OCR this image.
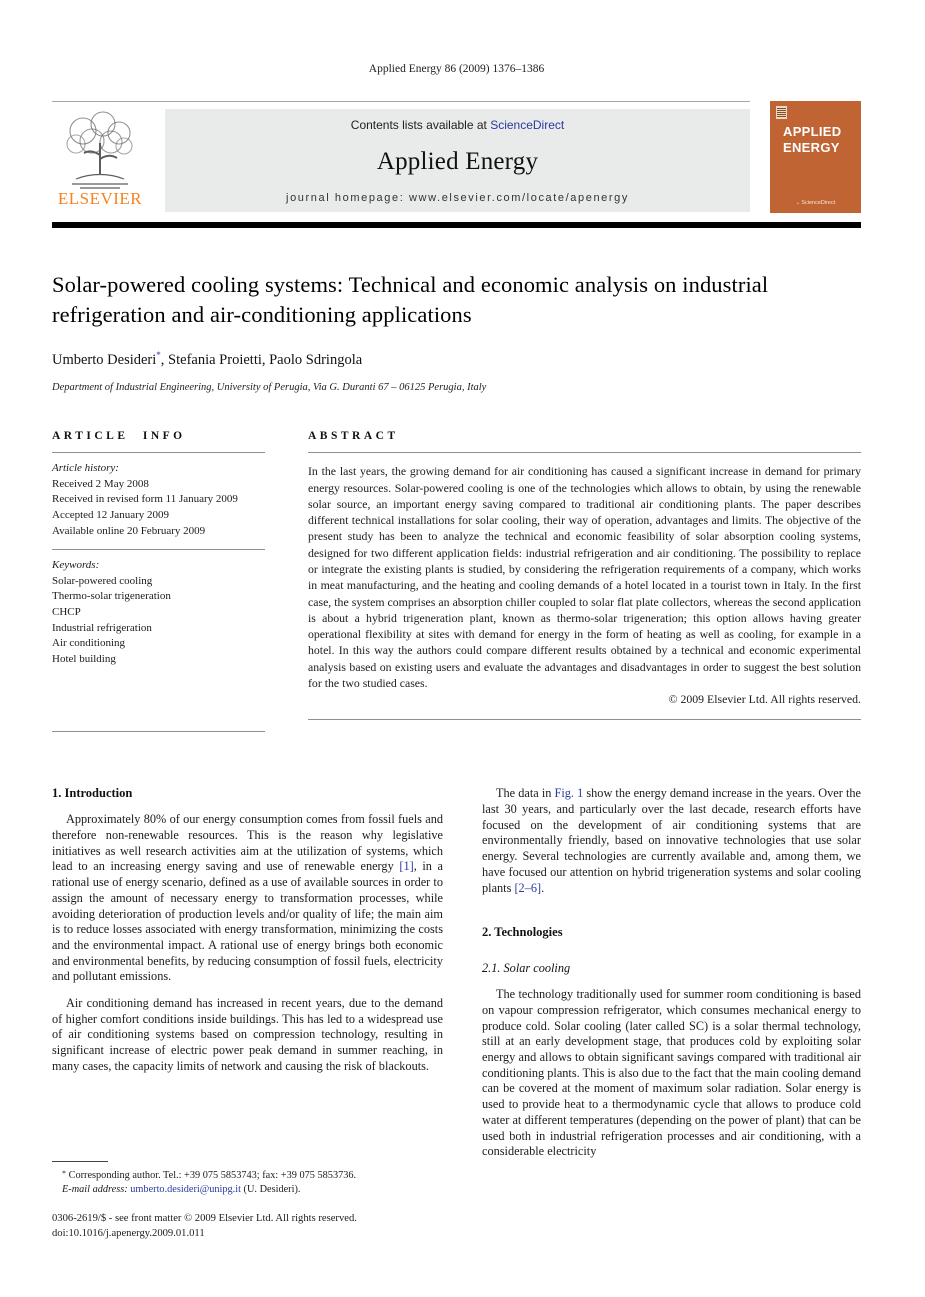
Applied Energy 86 (2009) 1376–1386
ELSEVIER
Contents lists available at ScienceDirect
Applied Energy
journal homepage: www.elsevier.com/locate/apenergy
APPLIED
ENERGY
⌄ ScienceDirect
Solar-powered cooling systems: Technical and economic analysis on industrial refrigeration and air-conditioning applications
Umberto Desideri*, Stefania Proietti, Paolo Sdringola
Department of Industrial Engineering, University of Perugia, Via G. Duranti 67 – 06125 Perugia, Italy
ARTICLE INFO
Article history:
Received 2 May 2008
Received in revised form 11 January 2009
Accepted 12 January 2009
Available online 20 February 2009
Keywords:
Solar-powered cooling
Thermo-solar trigeneration
CHCP
Industrial refrigeration
Air conditioning
Hotel building
ABSTRACT
In the last years, the growing demand for air conditioning has caused a significant increase in demand for primary energy resources. Solar-powered cooling is one of the technologies which allows to obtain, by using the renewable solar source, an important energy saving compared to traditional air conditioning plants. The paper describes different technical installations for solar cooling, their way of operation, advantages and limits. The objective of the present study has been to analyze the technical and economic feasibility of solar absorption cooling systems, designed for two different application fields: industrial refrigeration and air conditioning. The possibility to replace or integrate the existing plants is studied, by considering the refrigeration requirements of a company, which works in meat manufacturing, and the heating and cooling demands of a hotel located in a tourist town in Italy. In the first case, the system comprises an absorption chiller coupled to solar flat plate collectors, whereas the second application is about a hybrid trigeneration plant, known as thermo-solar trigeneration; this option allows having greater operational flexibility at sites with demand for energy in the form of heating as well as cooling, for example in a hotel. In this way the authors could compare different results obtained by a technical and economic experimental analysis based on existing users and evaluate the advantages and disadvantages in order to suggest the best solution for the two studied cases.
© 2009 Elsevier Ltd. All rights reserved.
1. Introduction

Approximately 80% of our energy consumption comes from fossil fuels and therefore non-renewable resources. This is the reason why legislative initiatives as well research activities aim at the utilization of systems, which lead to an increasing energy saving and use of renewable energy [1], in a rational use of energy scenario, defined as a use of available sources in order to assign the amount of necessary energy to transformation processes, while avoiding deterioration of production levels and/or quality of life; the main aim is to reduce losses associated with energy transformation, minimizing the costs and the environmental impact. A rational use of energy brings both economic and environmental benefits, by reducing consumption of fossil fuels, electricity and pollutant emissions.

Air conditioning demand has increased in recent years, due to the demand of higher comfort conditions inside buildings. This has led to a widespread use of air conditioning systems based on compression technology, resulting in significant increase of electric power peak demand in summer reaching, in many cases, the capacity limits of network and causing the risk of blackouts.

The data in Fig. 1 show the energy demand increase in the years. Over the last 30 years, and particularly over the last decade, research efforts have focused on the development of air conditioning systems that are environmentally friendly, based on innovative technologies that use solar energy. Several technologies are currently available and, among them, we have focused our attention on hybrid trigeneration systems and solar cooling plants [2–6].

2. Technologies
2.1. Solar cooling

The technology traditionally used for summer room conditioning is based on vapour compression refrigerator, which consumes mechanical energy to produce cold. Solar cooling (later called SC) is a solar thermal technology, still at an early development stage, that produces cold by exploiting solar energy and allows to obtain significant savings compared with traditional air conditioning plants. This is also due to the fact that the main cooling demand can be covered at the moment of maximum solar radiation. Solar energy is used to provide heat to a thermodynamic cycle that allows to produce cold water at different temperatures (depending on the power of plant) that can be used both in industrial refrigeration processes and air conditioning, with a considerable electricity

* Corresponding author. Tel.: +39 075 5853743; fax: +39 075 5853736.
E-mail address: umberto.desideri@unipg.it (U. Desideri).
0306-2619/$ - see front matter © 2009 Elsevier Ltd. All rights reserved.
doi:10.1016/j.apenergy.2009.01.011
